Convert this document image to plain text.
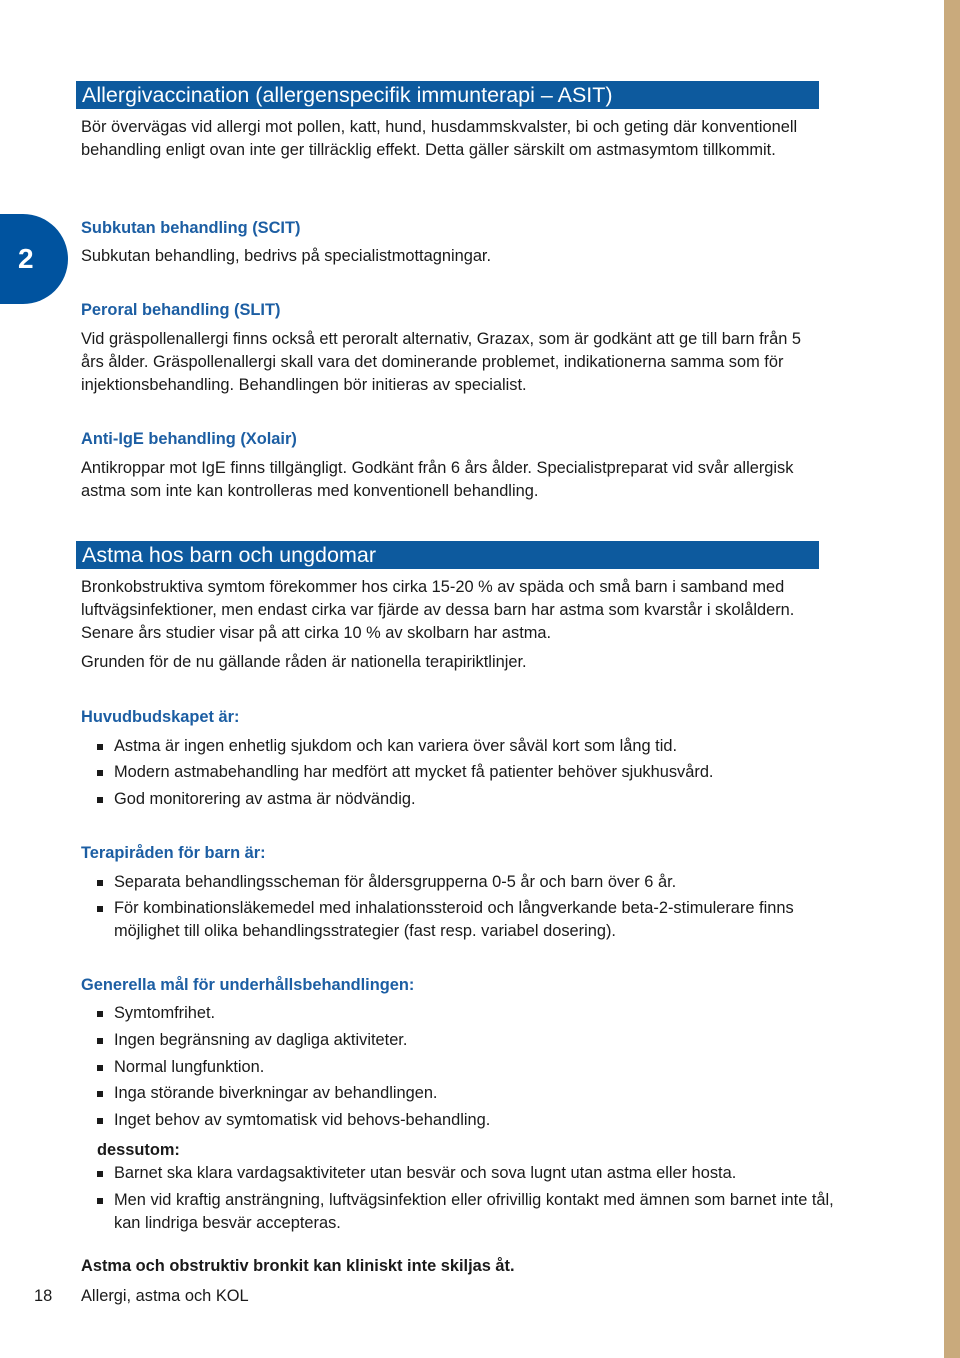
2
Allergivaccination (allergenspecifik immunterapi – ASIT)

Bör övervägas vid allergi mot pollen, katt, hund, husdammskvalster, bi och geting där konventionell behandling enligt ovan inte ger tillräcklig effekt. Detta gäller särskilt om astmasymtom tillkommit.

Subkutan behandling (SCIT)

Subkutan behandling, bedrivs på specialistmottagningar.

Peroral behandling (SLIT)

Vid gräspollenallergi finns också ett peroralt alternativ, Grazax, som är godkänt att ge till barn från 5 års ålder. Gräspollenallergi skall vara det dominerande problemet, indikationerna samma som för injektionsbehandling. Behandlingen bör initieras av specialist.

Anti-IgE behandling (Xolair)

Antikroppar mot IgE finns tillgängligt. Godkänt från 6 års ålder. Specialistpreparat vid svår allergisk astma som inte kan kontrolleras med konventionell behandling.

Astma hos barn och ungdomar

Bronkobstruktiva symtom förekommer hos cirka 15-20 % av späda och små barn i samband med luftvägsinfektioner, men endast cirka var fjärde av dessa barn har astma som kvarstår i skolåldern. Senare års studier visar på att cirka 10 % av skolbarn har astma.

Grunden för de nu gällande råden är nationella terapiriktlinjer.

Huvudbudskapet är:

Astma är ingen enhetlig sjukdom och kan variera över såväl kort som lång tid.

Modern astmabehandling har medfört att mycket få patienter behöver sjukhusvård.

God monitorering av astma är nödvändig.

Terapiråden för barn är:

Separata behandlingsscheman för åldersgrupperna 0-5 år och barn över 6 år.

För kombinationsläkemedel med inhalationssteroid och långverkande beta-2-stimulerare finns möjlighet till olika behandlingsstrategier (fast resp. variabel dosering).

Generella mål för underhållsbehandlingen:

Symtomfrihet.

Ingen begränsning av dagliga aktiviteter.

Normal lungfunktion.

Inga störande biverkningar av behandlingen.

Inget behov av symtomatisk vid behovs-behandling.

dessutom:

Barnet ska klara vardagsaktiviteter utan besvär och sova lugnt utan astma eller hosta.

Men vid kraftig ansträngning, luftvägsinfektion eller ofrivillig kontakt med ämnen som barnet inte tål, kan lindriga besvär accepteras.

Astma och obstruktiv bronkit kan kliniskt inte skiljas åt.

18 Allergi, astma och KOL
